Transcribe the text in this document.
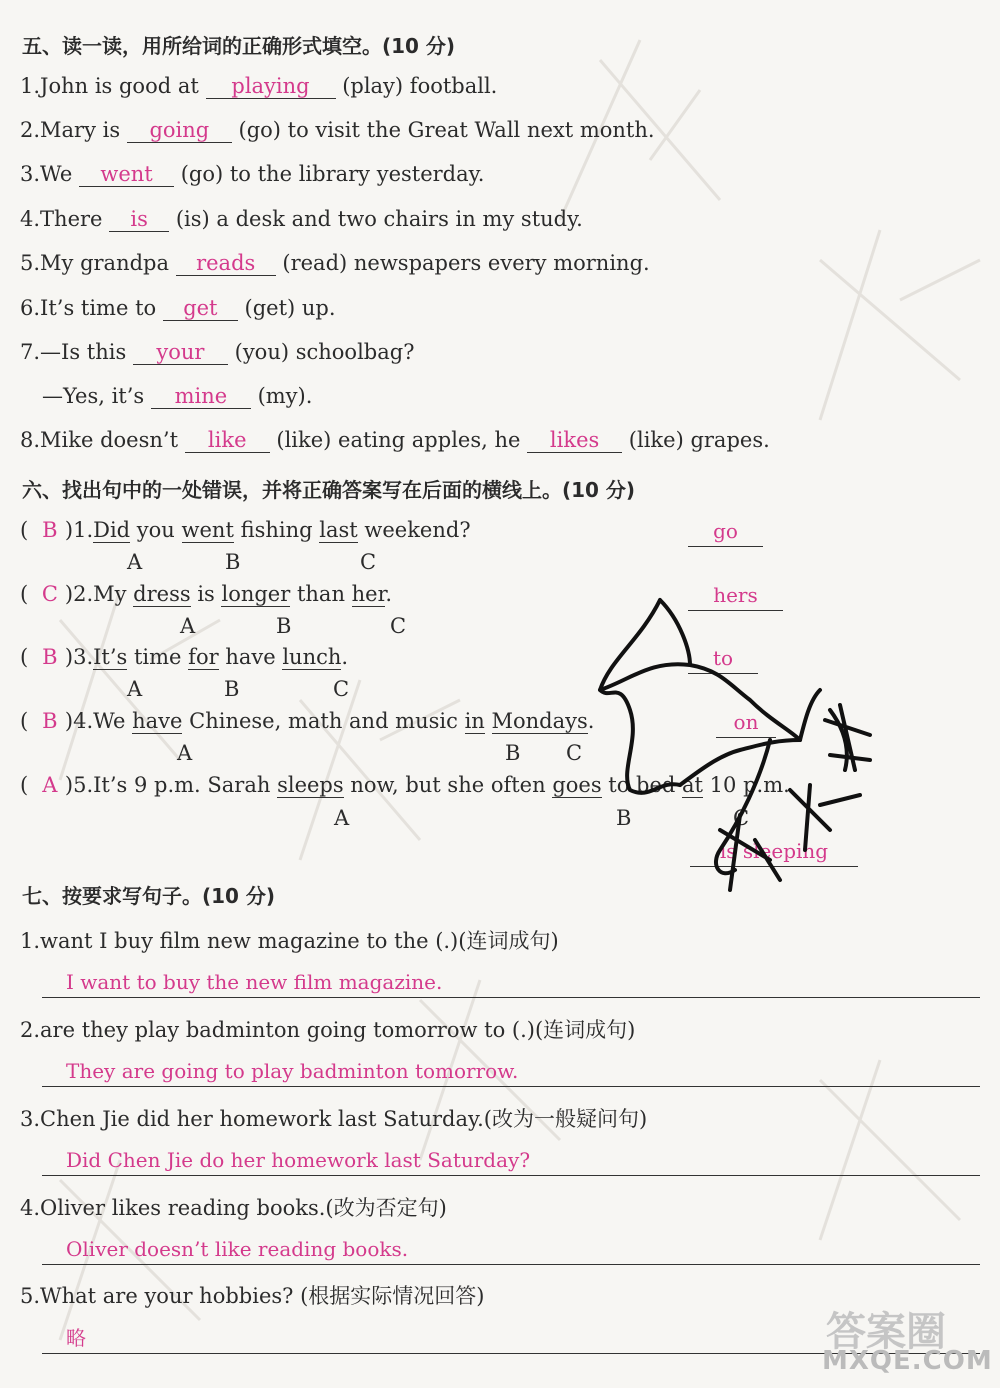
五、读一读，用所给词的正确形式填空。(10 分)
1.John is good at playing (play) football.
2.Mary is going (go) to visit the Great Wall next month.
3.We went (go) to the library yesterday.
4.There is (is) a desk and two chairs in my study.
5.My grandpa reads (read) newspapers every morning.
6.It’s time to get (get) up.
7.—Is this your (you) schoolbag?
—Yes, it’s mine (my).
8.Mike doesn’t like (like) eating apples, he likes (like) grapes.
六、找出句中的一处错误，并将正确答案写在后面的横线上。(10 分)
( B )1.Did you went fishing last weekend?
A	B	C
go
( C )2.My dress is longer than her.
A	B	C
hers
( B )3.It’s time for have lunch.
A	B	C
to
( B )4.We have Chinese, math and music in Mondays.
A	B C
on
( A )5.It’s 9 p.m. Sarah sleeps now, but she often goes to bed at 10 p.m.
A	B	C
is sleeping
七、按要求写句子。(10 分)
1.want I buy film new magazine to the (.)(连词成句)
I want to buy the new film magazine.
2.are they play badminton going tomorrow to (.)(连词成句)
They are going to play badminton tomorrow.
3.Chen Jie did her homework last Saturday.(改为一般疑问句)
Did Chen Jie do her homework last Saturday?
4.Oliver likes reading books.(改为否定句)
Oliver doesn’t like reading books.
5.What are your hobbies? (根据实际情况回答)
略	答案圈
MXQE.COM
